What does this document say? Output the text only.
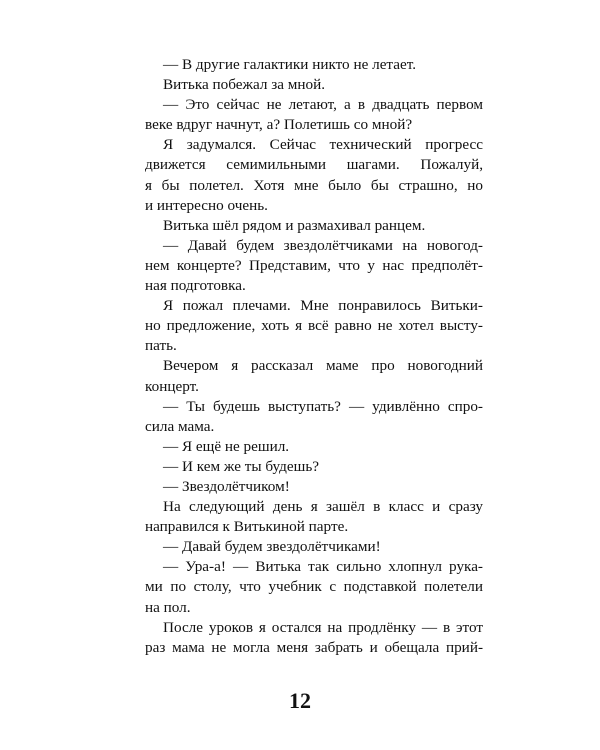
— В другие галактики никто не летает.
Витька побежал за мной.
— Это сейчас не летают, а в двадцать первом
веке вдруг начнут, а? Полетишь со мной?
Я задумался. Сейчас технический прогресс
движется семимильными шагами. Пожалуй,
я бы полетел. Хотя мне было бы страшно, но
и интересно очень.
Витька шёл рядом и размахивал ранцем.
— Давай будем звездолётчиками на новогод-
нем концерте? Представим, что у нас предполёт-
ная подготовка.
Я пожал плечами. Мне понравилось Витьки-
но предложение, хоть я всё равно не хотел высту-
пать.
Вечером я рассказал маме про новогодний
концерт.
— Ты будешь выступать? — удивлённо спро-
сила мама.
— Я ещё не решил.
— И кем же ты будешь?
— Звездолётчиком!
На следующий день я зашёл в класс и сразу
направился к Витькиной парте.
— Давай будем звездолётчиками!
— Ура-а! — Витька так сильно хлопнул рука-
ми по столу, что учебник с подставкой полетели
на пол.
После уроков я остался на продлёнку — в этот
раз мама не могла меня забрать и обещала прий-
12
